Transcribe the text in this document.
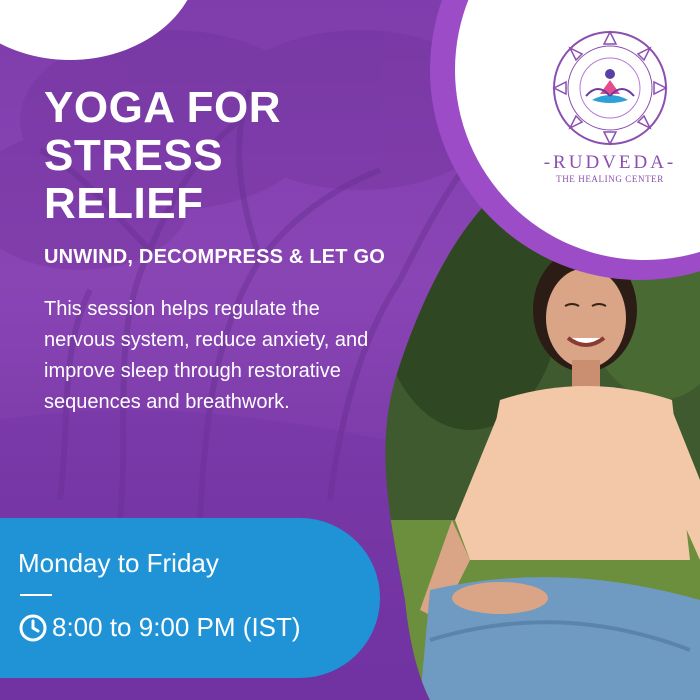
-RUDVEDA-
THE HEALING CENTER
YOGA FOR STRESS RELIEF
UNWIND, DECOMPRESS & LET GO

This session helps regulate the nervous system, reduce anxiety, and improve sleep through restorative sequences and breathwork.

Monday to Friday
8:00 to 9:00 PM (IST)
